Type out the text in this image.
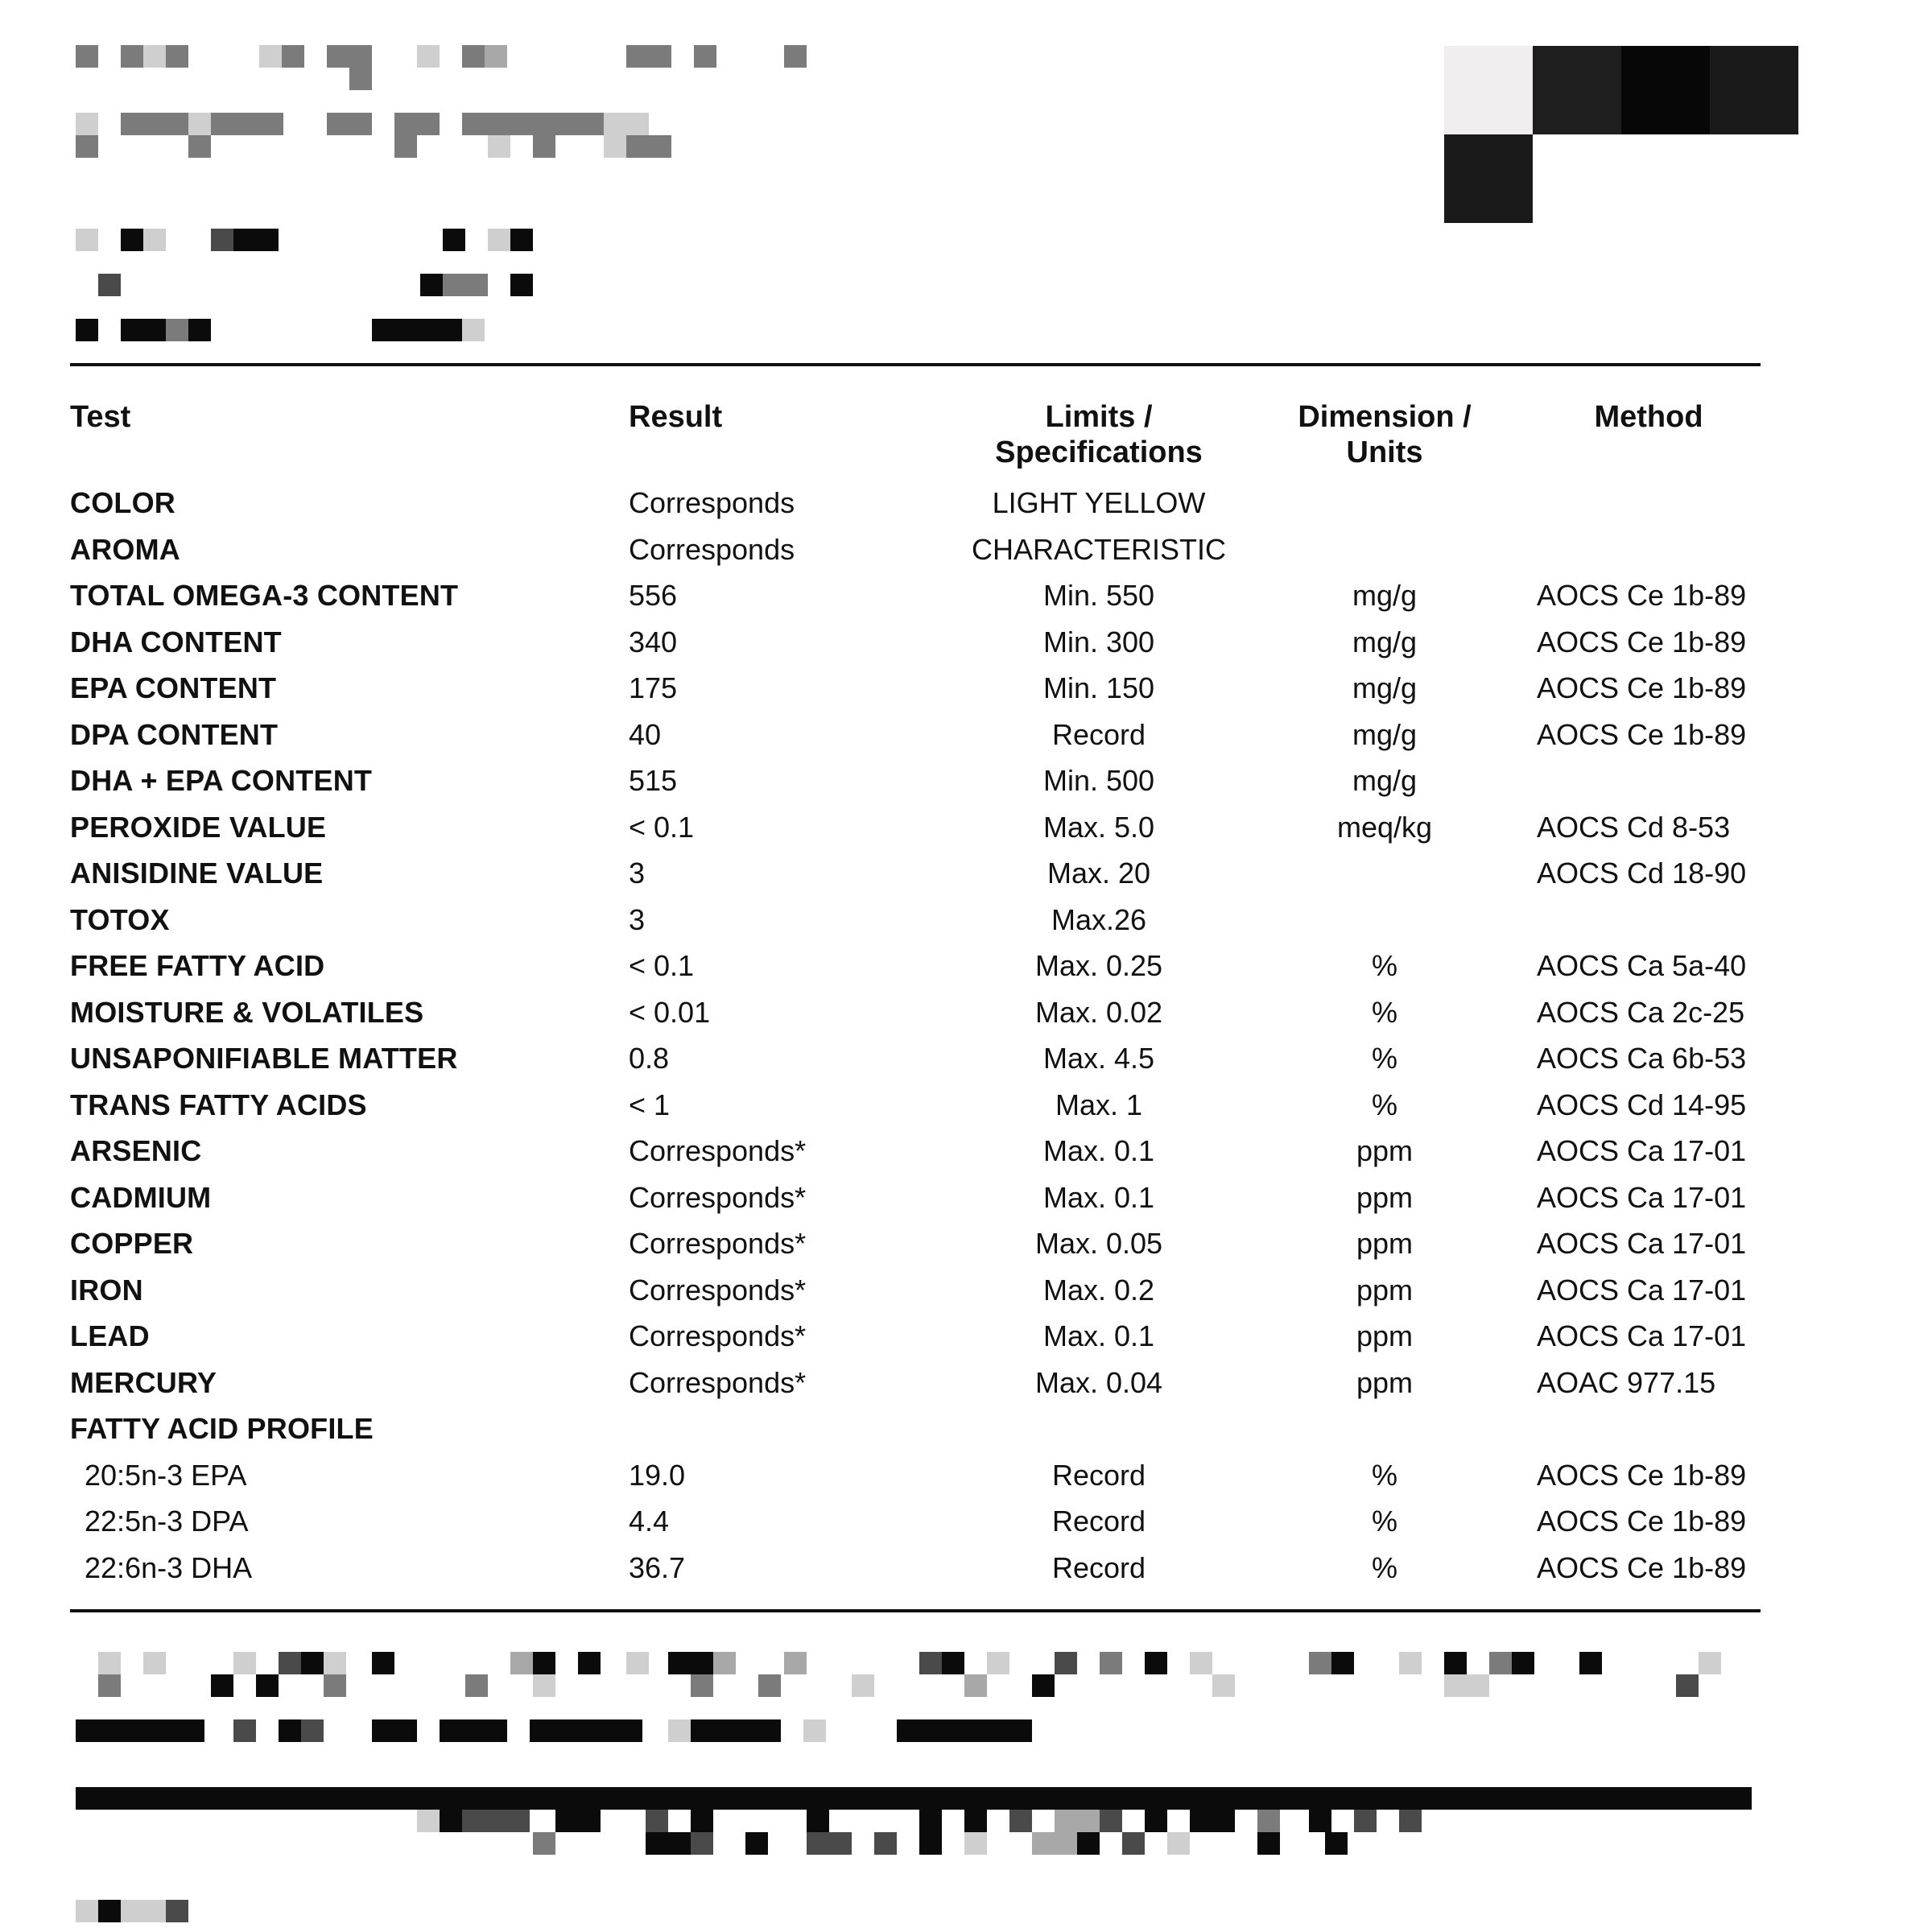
Test	Result	Limits / Specifications	Dimension / Units	Method
COLOR	Corresponds	LIGHT YELLOW		
AROMA	Corresponds	CHARACTERISTIC		
TOTAL OMEGA-3 CONTENT	556	Min. 550	mg/g	AOCS Ce 1b-89
DHA CONTENT	340	Min. 300	mg/g	AOCS Ce 1b-89
EPA CONTENT	175	Min. 150	mg/g	AOCS Ce 1b-89
DPA CONTENT	40	Record	mg/g	AOCS Ce 1b-89
DHA + EPA CONTENT	515	Min. 500	mg/g	
PEROXIDE VALUE	< 0.1	Max. 5.0	meq/kg	AOCS Cd 8-53
ANISIDINE VALUE	3	Max. 20		AOCS Cd 18-90
TOTOX	3	Max.26		
FREE FATTY ACID	< 0.1	Max. 0.25	%	AOCS Ca 5a-40
MOISTURE & VOLATILES	< 0.01	Max. 0.02	%	AOCS Ca 2c-25
UNSAPONIFIABLE MATTER	0.8	Max. 4.5	%	AOCS Ca 6b-53
TRANS FATTY ACIDS	< 1	Max. 1	%	AOCS Cd 14-95
ARSENIC	Corresponds*	Max. 0.1	ppm	AOCS Ca 17-01
CADMIUM	Corresponds*	Max. 0.1	ppm	AOCS Ca 17-01
COPPER	Corresponds*	Max. 0.05	ppm	AOCS Ca 17-01
IRON	Corresponds*	Max. 0.2	ppm	AOCS Ca 17-01
LEAD	Corresponds*	Max. 0.1	ppm	AOCS Ca 17-01
MERCURY	Corresponds*	Max. 0.04	ppm	AOAC 977.15
FATTY ACID PROFILE				
20:5n-3 EPA	19.0	Record	%	AOCS Ce 1b-89
22:5n-3 DPA	4.4	Record	%	AOCS Ce 1b-89
22:6n-3 DHA	36.7	Record	%	AOCS Ce 1b-89
